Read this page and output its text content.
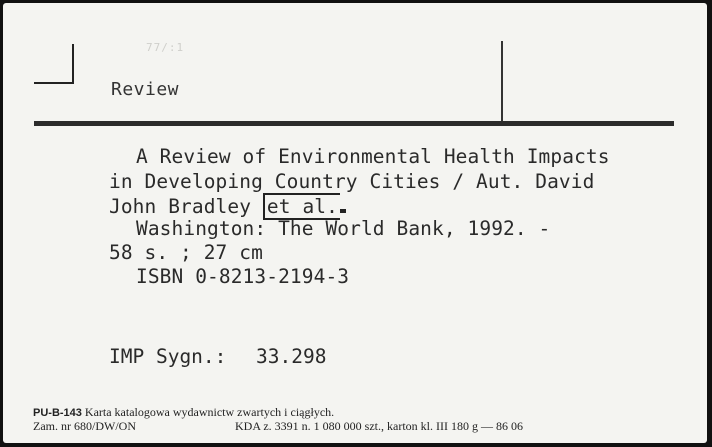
77/:1
Review
A Review of Environmental Health Impacts
in Developing Country Cities / Aut. David
John Bradley et al.
Washington: The World Bank, 1992. -
58 s. ; 27 cm
ISBN 0-8213-2194-3
IMP Sygn.: 33.298
PU-B-143 Karta katalogowa wydawnictw zwartych i ciągłych.
Zam. nr 680/DW/ON	KDA z. 3391 n. 1 080 000 szt., karton kl. III 180 g — 86 06
